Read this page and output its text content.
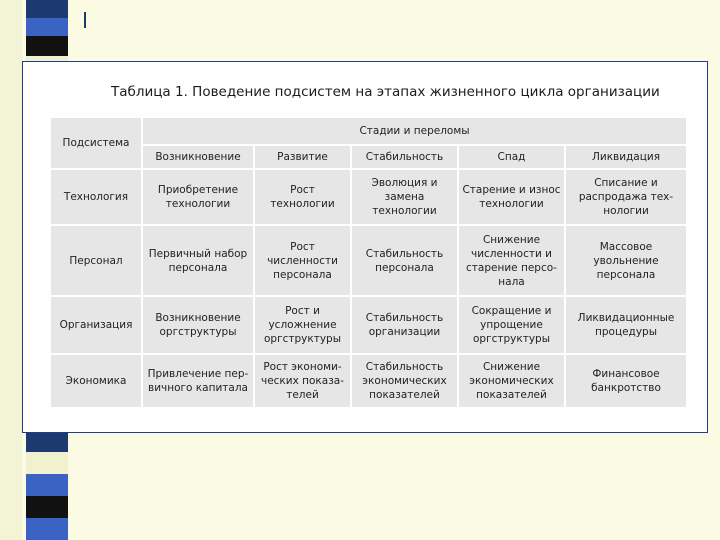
Таблица 1. Поведение подсистем на этапах жизненного цикла организации
Подсистема	Стадии и переломы				
	Возникновение	Развитие	Стабильность	Спад	Ликвидация
Технология	Приобретение технологии	Рост технологии	Эволюция и замена технологии	Старение и износ технологии	Списание и распродажа тех-нологии
Персонал	Первичный набор персонала	Рост численности персонала	Стабильность персонала	Снижение численности и старение персо-нала	Массовое увольнение персонала
Организация	Возникновение оргструктуры	Рост и усложнение оргструктуры	Стабильность организации	Сокращение и упрощение оргструктуры	Ликвидационные процедуры
Экономика	Привлечение пер-вичного капитала	Рост экономи-ческих показа-телей	Стабильность экономических показателей	Снижение экономических показателей	Финансовое банкротство
